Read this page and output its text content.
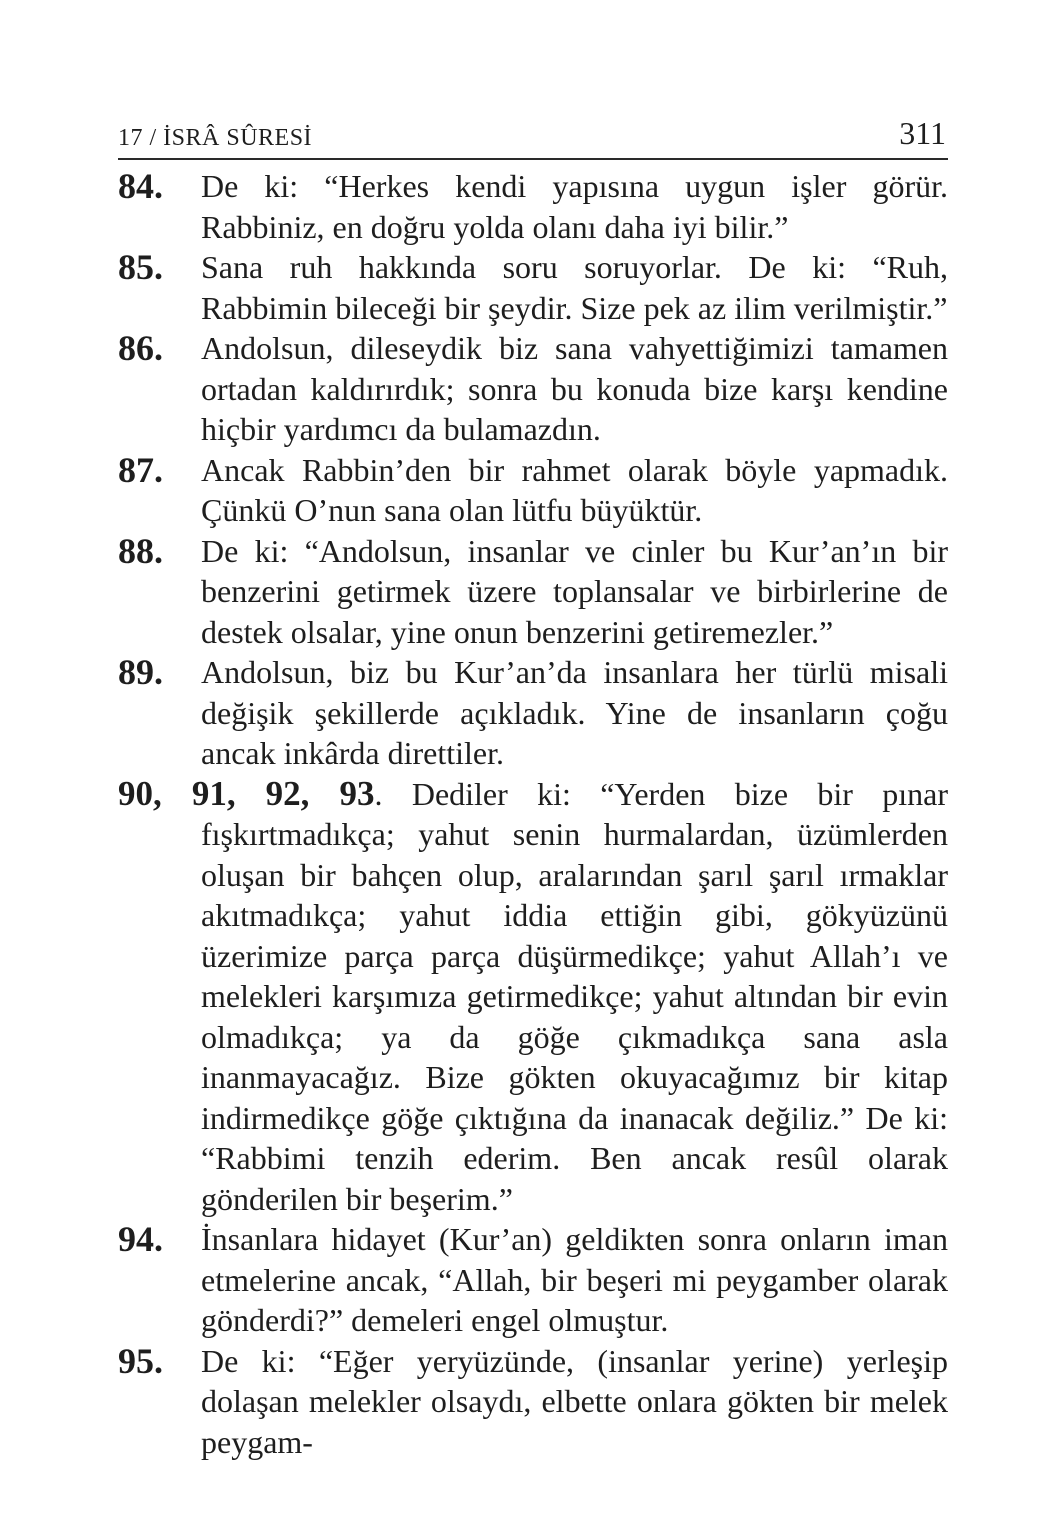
17 / İSRÂ SÛRESİ	311
84. De ki: “Herkes kendi yapısına uygun işler görür. Rabbiniz, en doğru yolda olanı daha iyi bilir.”
85. Sana ruh hakkında soru soruyorlar. De ki: “Ruh, Rabbimin bileceği bir şeydir. Size pek az ilim verilmiştir.”
86. Andolsun, dileseydik biz sana vahyettiğimizi tamamen ortadan kaldırırdık; sonra bu konuda bize karşı kendine hiçbir yardımcı da bulamazdın.
87. Ancak Rabbin’den bir rahmet olarak böyle yapmadık. Çünkü O’nun sana olan lütfu büyüktür.
88. De ki: “Andolsun, insanlar ve cinler bu Kur’an’ın bir benzerini getirmek üzere toplansalar ve birbirlerine de destek olsalar, yine onun benzerini getiremezler.”
89. Andolsun, biz bu Kur’an’da insanlara her türlü misali değişik şekillerde açıkladık. Yine de insanların çoğu ancak inkârda direttiler.
90, 91, 92, 93. Dediler ki: “Yerden bize bir pınar fışkırtmadıkça; yahut senin hurmalardan, üzümlerden oluşan bir bahçen olup, aralarından şarıl şarıl ırmaklar akıtmadıkça; yahut iddia ettiğin gibi, gökyüzünü üzerimize parça parça düşürmedikçe; yahut Allah’ı ve melekleri karşımıza getirmedikçe; yahut altından bir evin olmadıkça; ya da göğe çıkmadıkça sana asla inanmayacağız. Bize gökten okuyacağımız bir kitap indirmedikçe göğe çıktığına da inanacak değiliz.” De ki: “Rabbimi tenzih ederim. Ben ancak resûl olarak gönderilen bir beşerim.”
94. İnsanlara hidayet (Kur’an) geldikten sonra onların iman etmelerine ancak, “Allah, bir beşeri mi peygamber olarak gönderdi?” demeleri engel olmuştur.
95. De ki: “Eğer yeryüzünde, (insanlar yerine) yerleşip dolaşan melekler olsaydı, elbette onlara gökten bir melek peygam-
